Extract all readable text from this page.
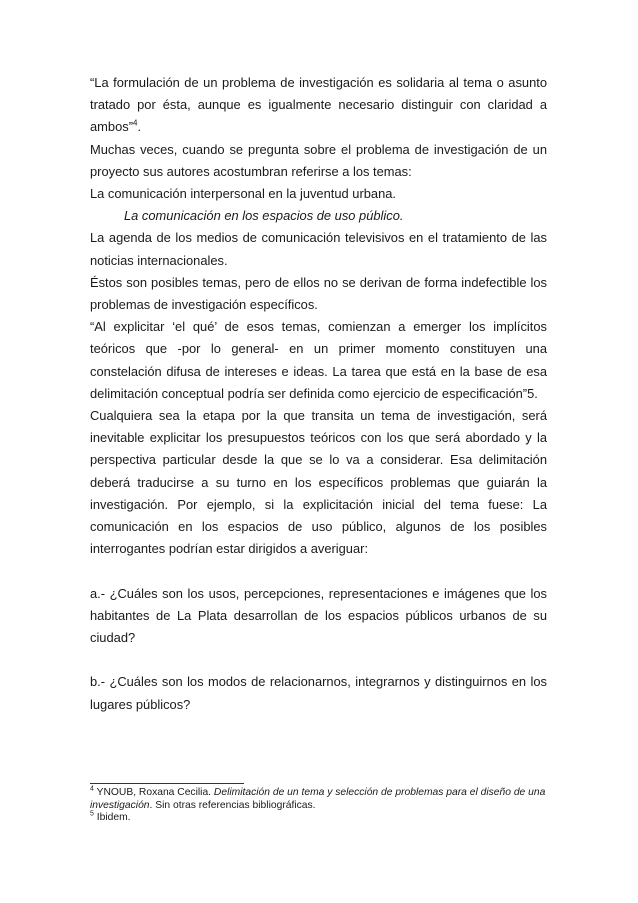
“La formulación de un problema de investigación es solidaria al tema o asunto tratado por ésta, aunque es igualmente necesario distinguir con claridad a ambos”$^4$.

Muchas veces, cuando se pregunta sobre el problema de investigación de un proyecto sus autores acostumbran referirse a los temas:

La comunicación interpersonal en la juventud urbana.

La comunicación en los espacios de uso público.

La agenda de los medios de comunicación televisivos en el tratamiento de las noticias internacionales.

Éstos son posibles temas, pero de ellos no se derivan de forma indefectible los problemas de investigación específicos.

“Al explicitar ‘el qué’ de esos temas, comienzan a emerger los implícitos teóricos que -por lo general- en un primer momento constituyen una constelación difusa de intereses e ideas. La tarea que está en la base de esa delimitación conceptual podría ser definida como ejercicio de especificación”5.

Cualquiera sea la etapa por la que transita un tema de investigación, será inevitable explicitar los presupuestos teóricos con los que será abordado y la perspectiva particular desde la que se lo va a considerar. Esa delimitación deberá traducirse a su turno en los específicos problemas que guiarán la investigación. Por ejemplo, si la explicitación inicial del tema fuese: La comunicación en los espacios de uso público, algunos de los posibles interrogantes podrían estar dirigidos a averiguar:

a.- ¿Cuáles son los usos, percepciones, representaciones e imágenes que los habitantes de La Plata desarrollan de los espacios públicos urbanos de su ciudad?

b.- ¿Cuáles son los modos de relacionarnos, integrarnos y distinguirnos en los lugares públicos?

$^4$ YNOUB, Roxana Cecilia. Delimitación de un tema y selección de problemas para el diseño de una investigación. Sin otras referencias bibliográficas.

$^5$ Ibidem.
